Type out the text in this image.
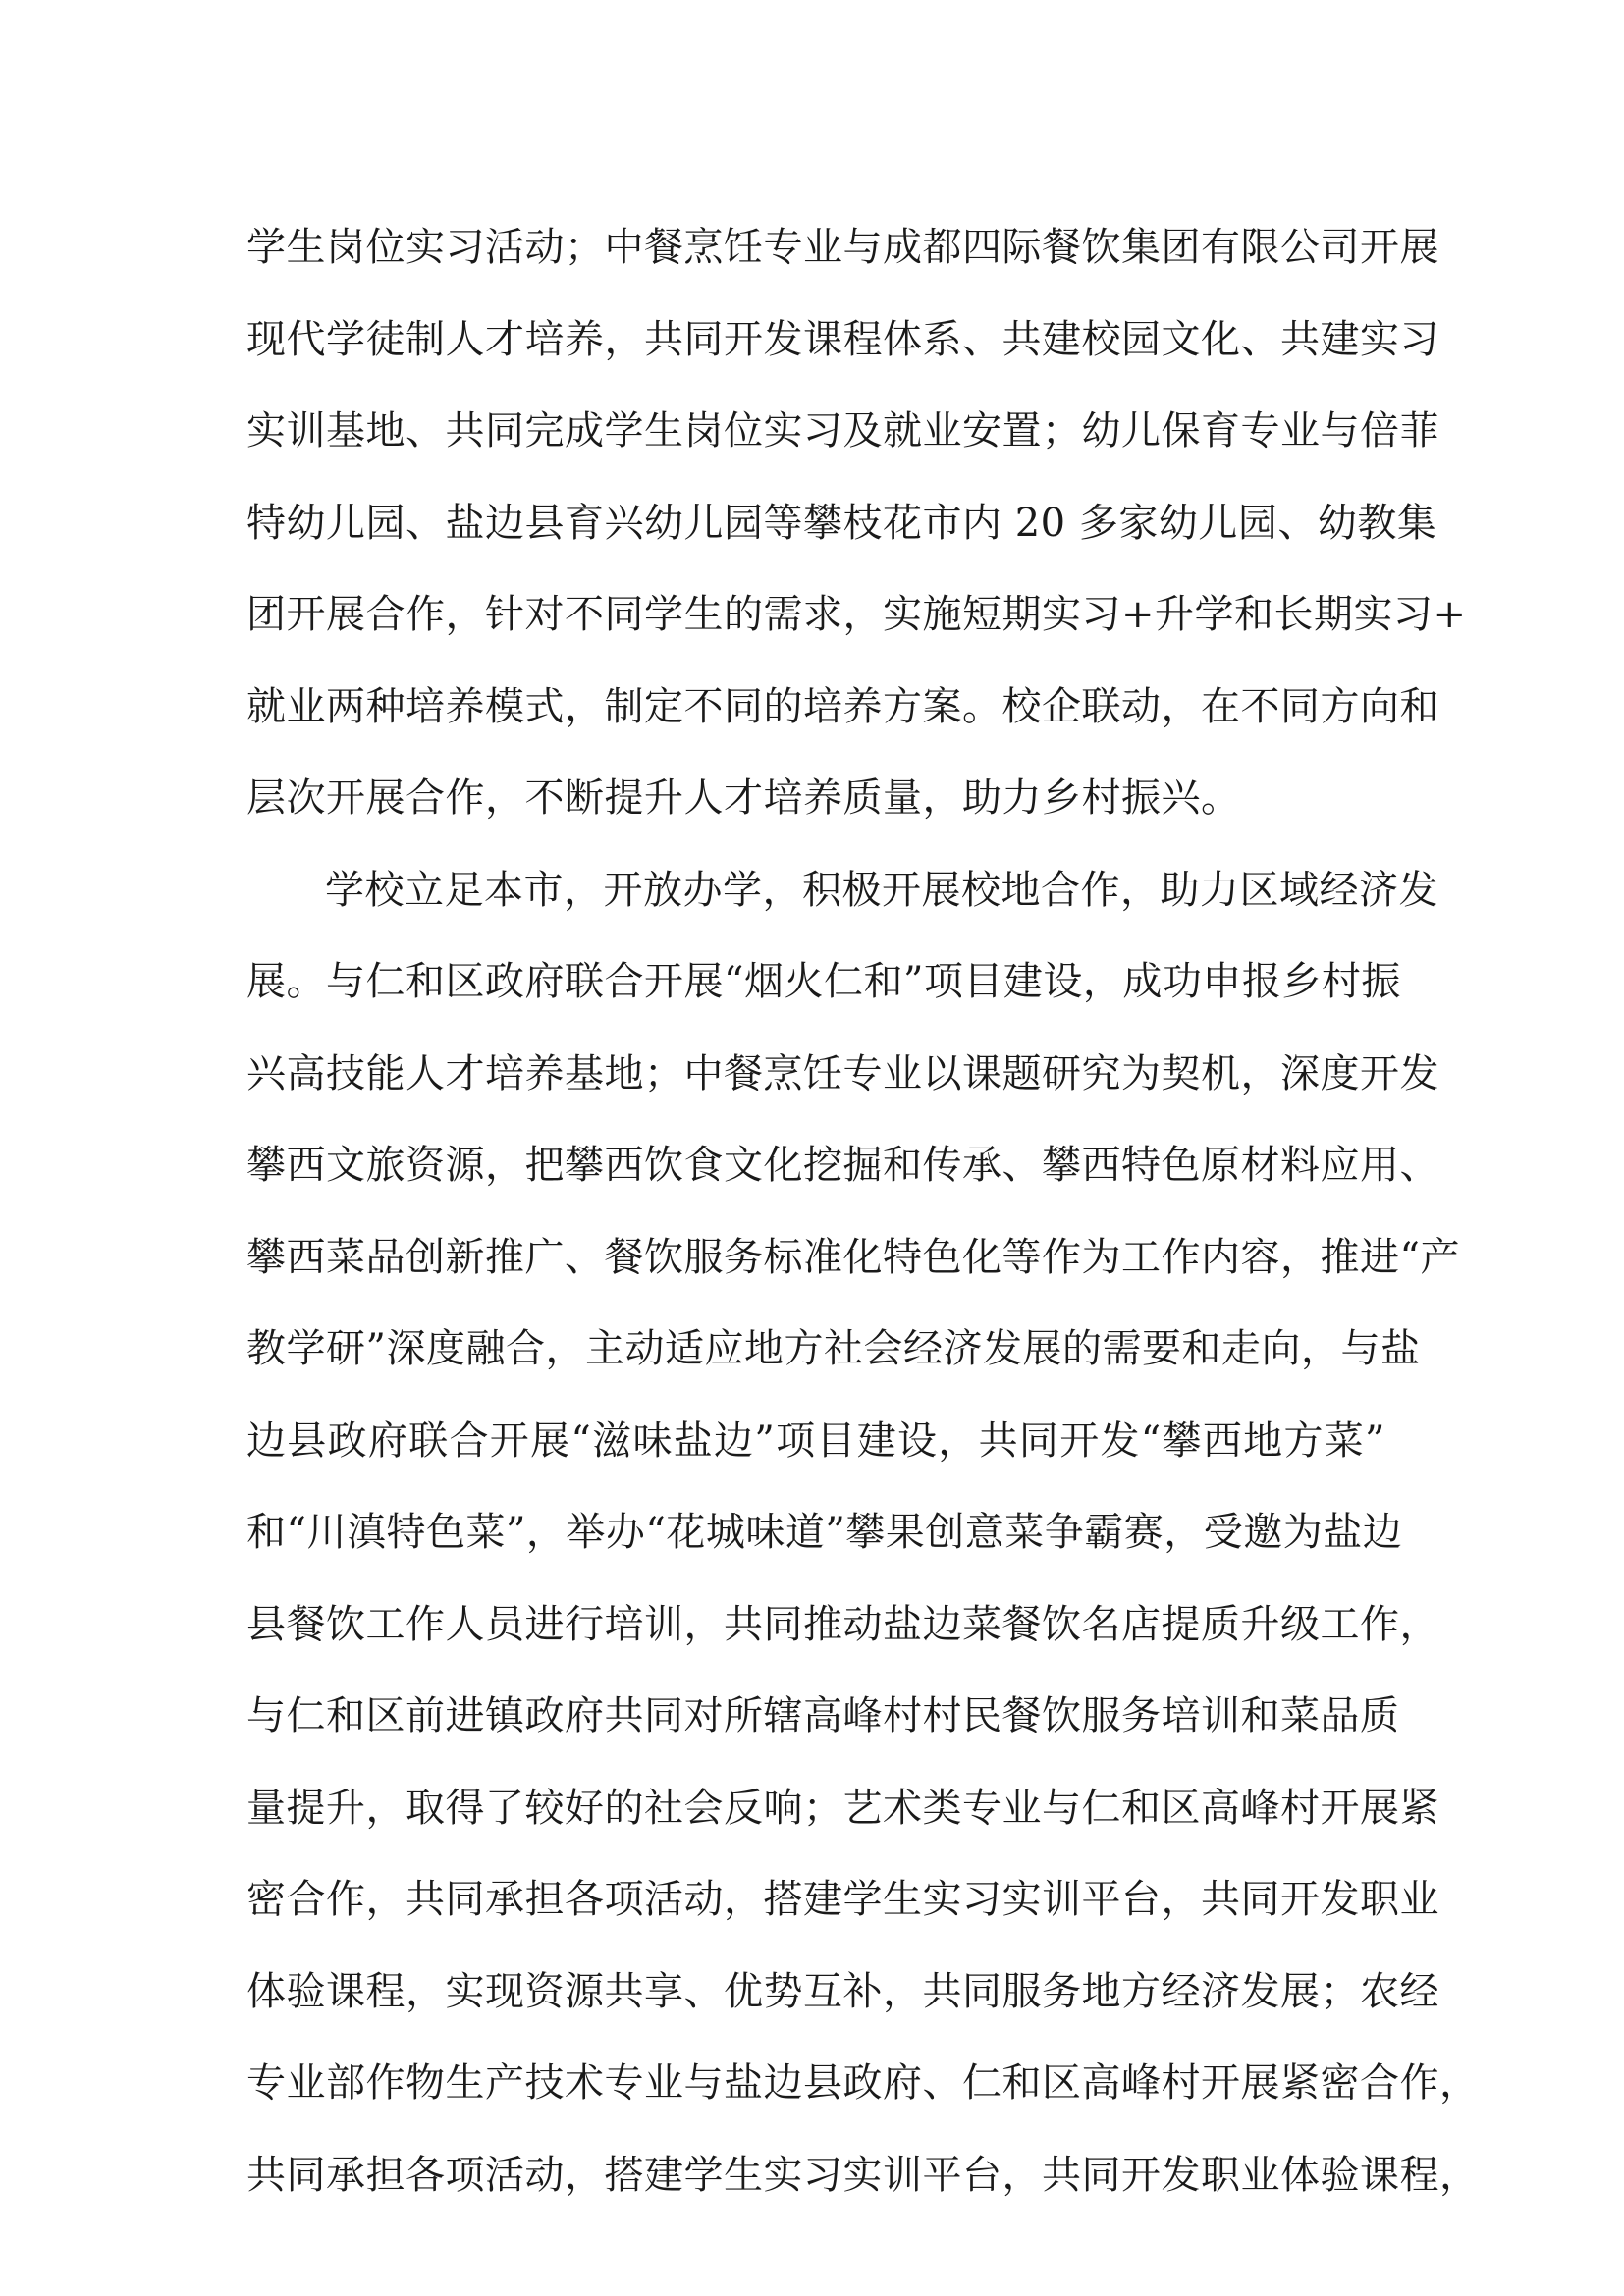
学生岗位实习活动；中餐烹饪专业与成都四际餐饮集团有限公司开展
现代学徒制人才培养，共同开发课程体系、共建校园文化、共建实习
实训基地、共同完成学生岗位实习及就业安置；幼儿保育专业与倍菲
特幼儿园、盐边县育兴幼儿园等攀枝花市内 20 多家幼儿园、幼教集
团开展合作，针对不同学生的需求，实施短期实习+升学和长期实习+
就业两种培养模式，制定不同的培养方案。校企联动，在不同方向和
层次开展合作，不断提升人才培养质量，助力乡村振兴。
学校立足本市，开放办学，积极开展校地合作，助力区域经济发
展。与仁和区政府联合开展“烟火仁和”项目建设，成功申报乡村振
兴高技能人才培养基地；中餐烹饪专业以课题研究为契机，深度开发
攀西文旅资源，把攀西饮食文化挖掘和传承、攀西特色原材料应用、
攀西菜品创新推广、餐饮服务标准化特色化等作为工作内容，推进“产
教学研”深度融合，主动适应地方社会经济发展的需要和走向，与盐
边县政府联合开展“滋味盐边”项目建设，共同开发“攀西地方菜”
和“川滇特色菜”，举办“花城味道”攀果创意菜争霸赛，受邀为盐边
县餐饮工作人员进行培训，共同推动盐边菜餐饮名店提质升级工作，
与仁和区前进镇政府共同对所辖高峰村村民餐饮服务培训和菜品质
量提升，取得了较好的社会反响；艺术类专业与仁和区高峰村开展紧
密合作，共同承担各项活动，搭建学生实习实训平台，共同开发职业
体验课程，实现资源共享、优势互补，共同服务地方经济发展；农经
专业部作物生产技术专业与盐边县政府、仁和区高峰村开展紧密合作，
共同承担各项活动，搭建学生实习实训平台，共同开发职业体验课程，
